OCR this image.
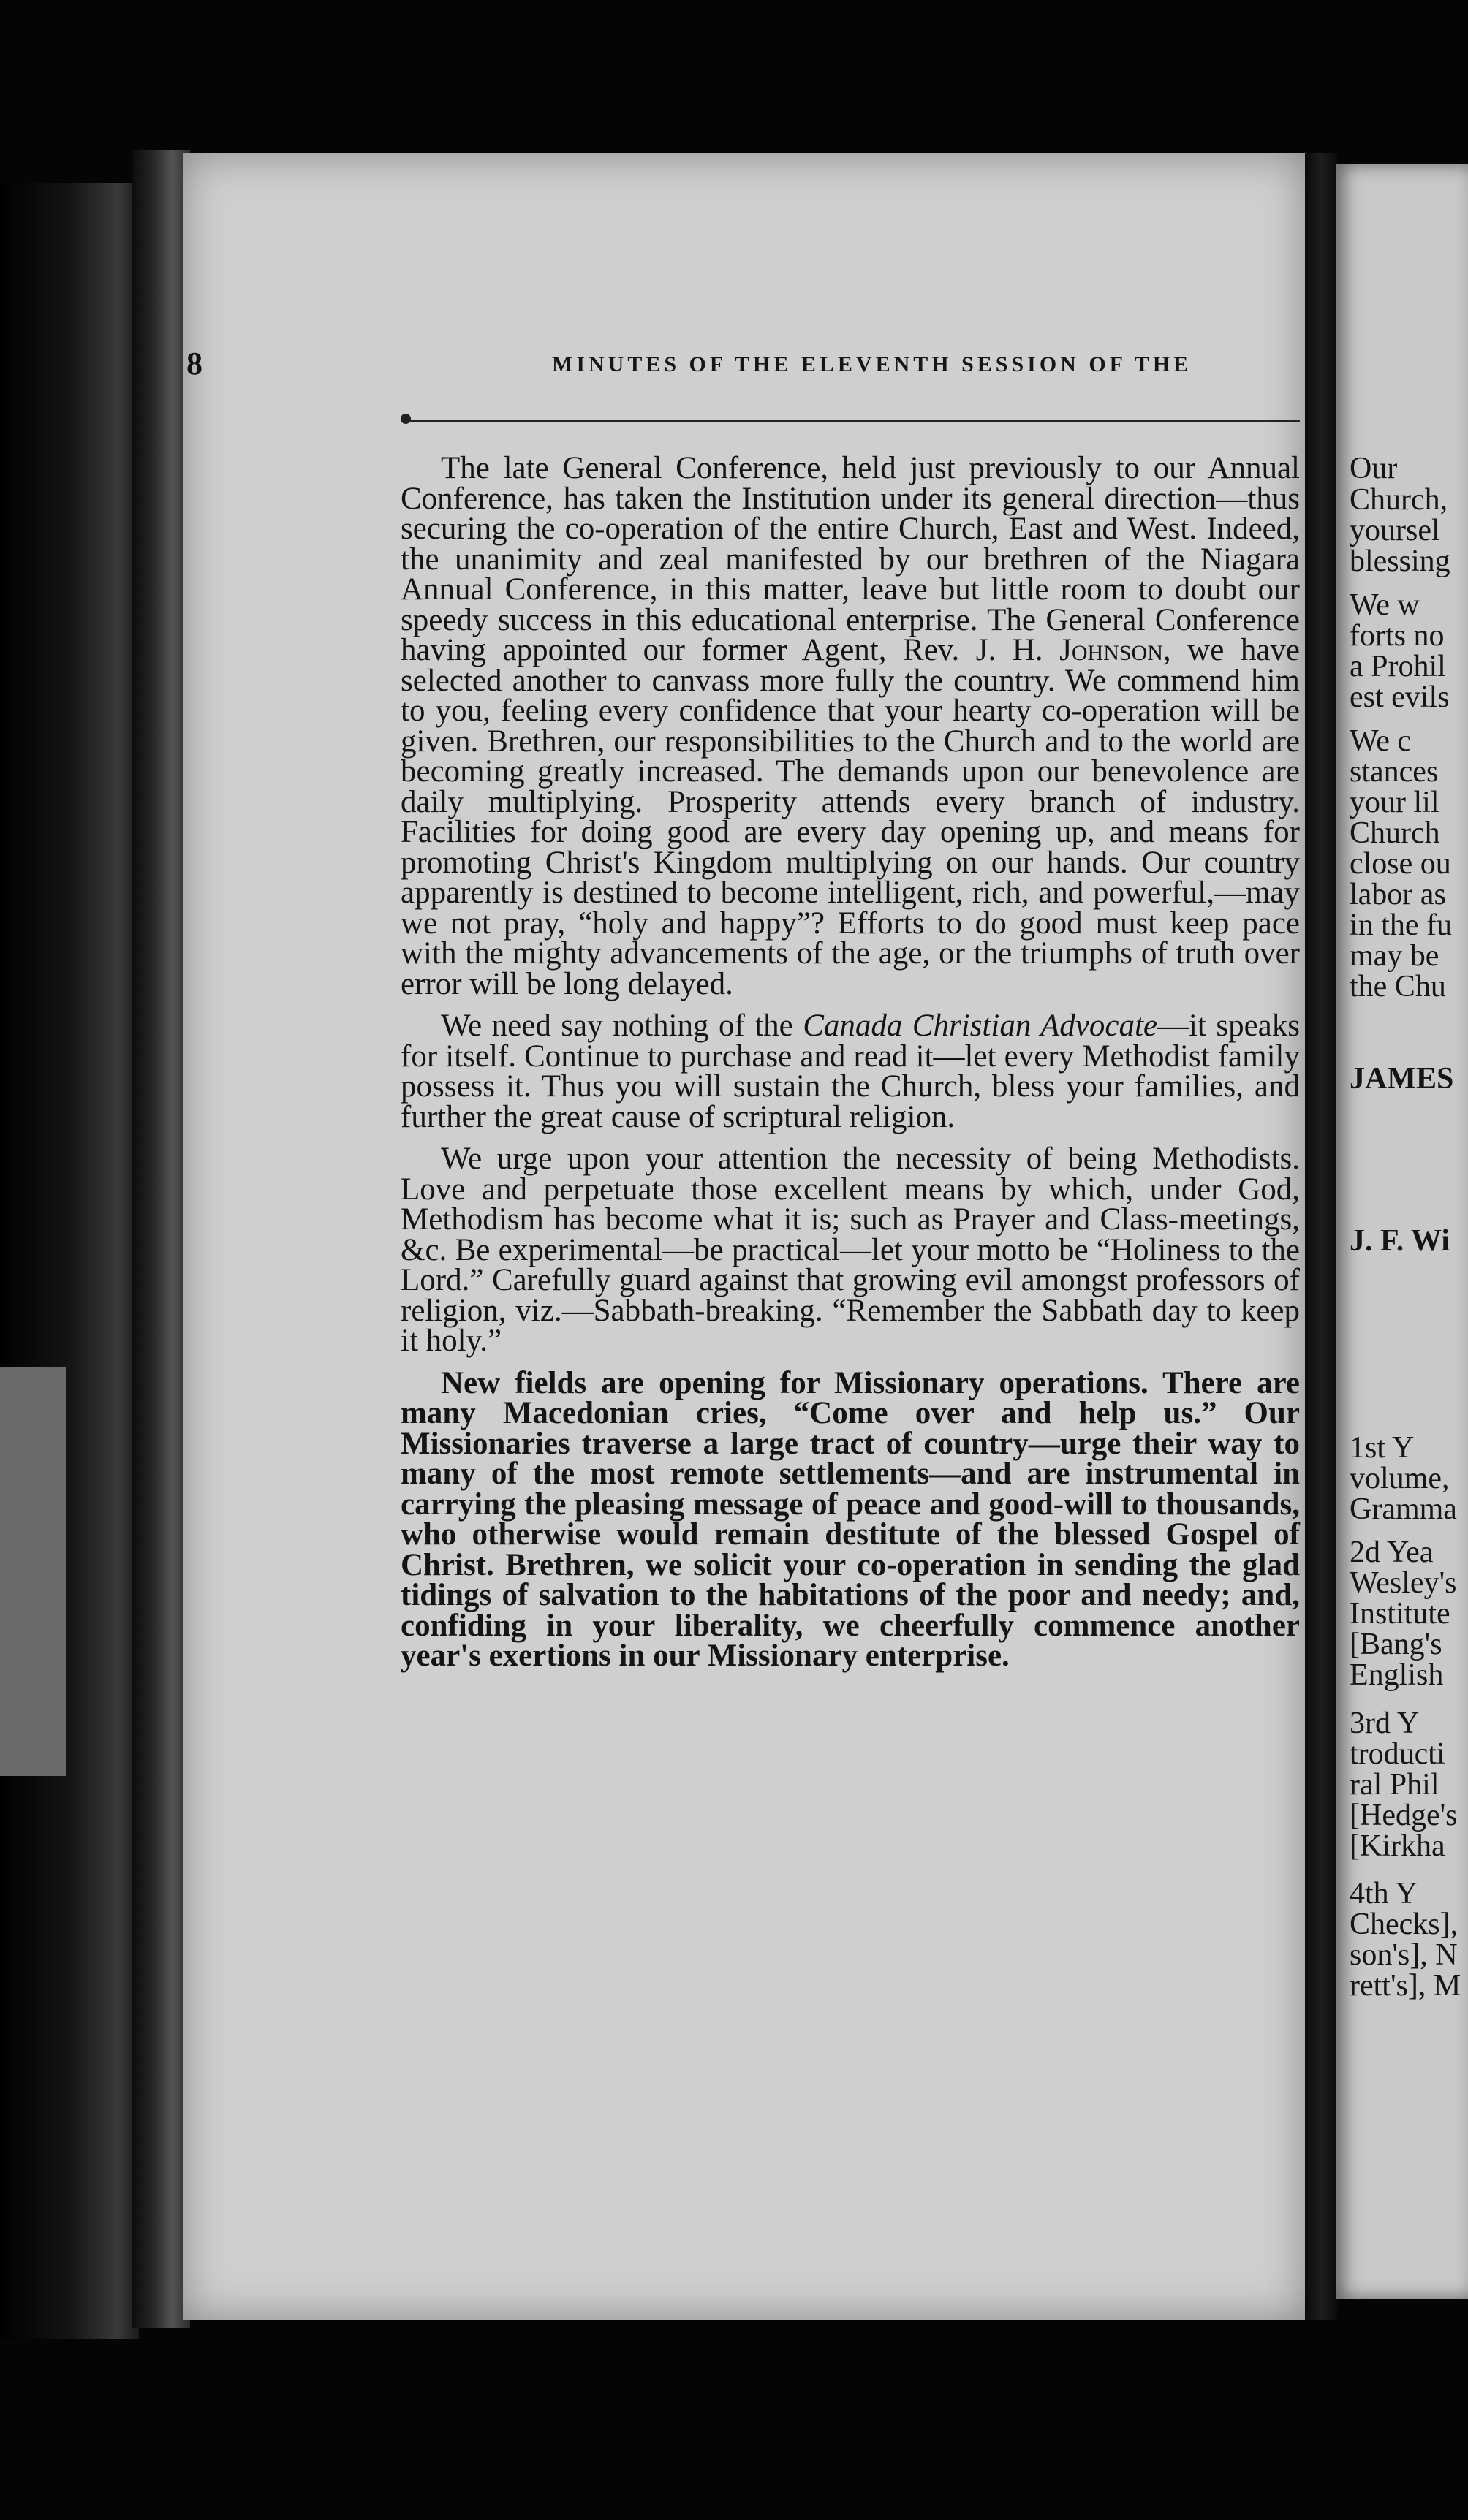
8	MINUTES OF THE ELEVENTH SESSION OF THE

The late General Conference, held just previously to our Annual Conference, has taken the Institution under its general direction—thus securing the co-operation of the entire Church, East and West. Indeed, the unanimity and zeal manifested by our brethren of the Niagara Annual Conference, in this matter, leave but little room to doubt our speedy success in this educational enterprise. The General Conference having appointed our former Agent, Rev. J. H. Johnson, we have selected another to canvass more fully the country. We commend him to you, feeling every confidence that your hearty co-operation will be given. Brethren, our responsibilities to the Church and to the world are becoming greatly increased. The demands upon our benevolence are daily multiplying. Prosperity attends every branch of industry. Facilities for doing good are every day opening up, and means for promoting Christ's Kingdom multiplying on our hands. Our country apparently is destined to become intelligent, rich, and powerful,—may we not pray, “holy and happy”? Efforts to do good must keep pace with the mighty advancements of the age, or the triumphs of truth over error will be long delayed.

We need say nothing of the Canada Christian Advocate—it speaks for itself. Continue to purchase and read it—let every Methodist family possess it. Thus you will sustain the Church, bless your families, and further the great cause of scriptural religion.

We urge upon your attention the necessity of being Methodists. Love and perpetuate those excellent means by which, under God, Methodism has become what it is; such as Prayer and Class-meetings, &c. Be experimental—be practical—let your motto be “Holiness to the Lord.” Carefully guard against that growing evil amongst professors of religion, viz.—Sabbath-breaking. “Remember the Sabbath day to keep it holy.”

New fields are opening for Missionary operations. There are many Macedonian cries, “Come over and help us.” Our Missionaries traverse a large tract of country—urge their way to many of the most remote settlements—and are instrumental in carrying the pleasing message of peace and good-will to thousands, who otherwise would remain destitute of the blessed Gospel of Christ. Brethren, we solicit your co-operation in sending the glad tidings of salvation to the habitations of the poor and needy; and, confiding in your liberality, we cheerfully commence another year's exertions in our Missionary enterprise.

Our
Church,
yoursel
blessing
We w
forts no
a Prohil
est evils
We c
stances
your lil
Church
close ou
labor as
in the fu
may be
the Chu
JAMES
J. F. Wi
1st Y
volume,
Gramma
2d Yea
Wesley's
Institute
[Bang's
English
3rd Y
troducti
ral Phil
[Hedge's
[Kirkha
4th Y
Checks],
son's], N
rett's], M
